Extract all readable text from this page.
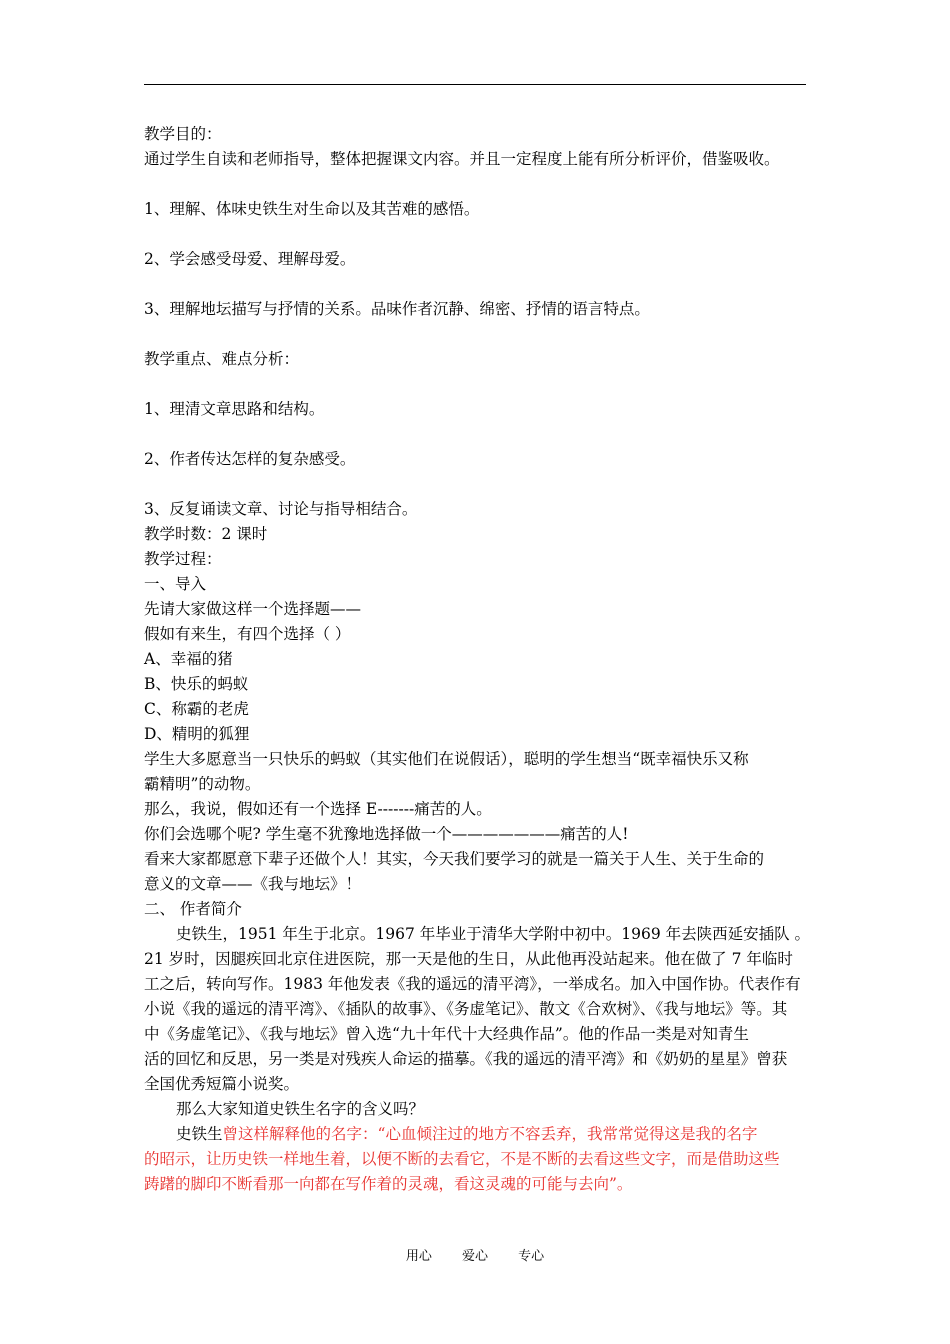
教学目的：
通过学生自读和老师指导，整体把握课文内容。并且一定程度上能有所分析评价，借鉴吸收。
1、理解、体味史铁生对生命以及其苦难的感悟。
2、学会感受母爱、理解母爱。
3、理解地坛描写与抒情的关系。品味作者沉静、绵密、抒情的语言特点。
教学重点、难点分析：
1、理清文章思路和结构。
2、作者传达怎样的复杂感受。
3、反复诵读文章、讨论与指导相结合。
教学时数：2 课时
教学过程：
一、导入
先请大家做这样一个选择题——
假如有来生，有四个选择（ ）
A、幸福的猪
B、快乐的蚂蚁
C、称霸的老虎
D、精明的狐狸
学生大多愿意当一只快乐的蚂蚁（其实他们在说假话），聪明的学生想当“既幸福快乐又称
霸精明”的动物。
那么，我说，假如还有一个选择 E-------痛苦的人。
你们会选哪个呢? 学生毫不犹豫地选择做一个———————痛苦的人!
看来大家都愿意下辈子还做个人！其实，今天我们要学习的就是一篇关于人生、关于生命的
意义的文章——《我与地坛》！
二、 作者简介
史铁生，1951 年生于北京。1967 年毕业于清华大学附中初中。1969 年去陕西延安插队 。
21 岁时，因腿疾回北京住进医院，那一天是他的生日，从此他再没站起来。他在做了 7 年临时
工之后，转向写作。1983 年他发表《我的遥远的清平湾》，一举成名。加入中国作协。代表作有
小说《我的遥远的清平湾》、《插队的故事》、《务虚笔记》、散文《合欢树》、《我与地坛》等。其
中《务虚笔记》、《我与地坛》曾入选“九十年代十大经典作品”。他的作品一类是对知青生
活的回忆和反思，另一类是对残疾人命运的描摹。《我的遥远的清平湾》和《奶奶的星星》曾获
全国优秀短篇小说奖。
那么大家知道史铁生名字的含义吗？
史铁生曾这样解释他的名字：“心血倾注过的地方不容丢弃，我常常觉得这是我的名字
的昭示，让历史铁一样地生着，以便不断的去看它，不是不断的去看这些文字，而是借助这些
踌躇的脚印不断看那一向都在写作着的灵魂，看这灵魂的可能与去向”。
用心 爱心 专心
